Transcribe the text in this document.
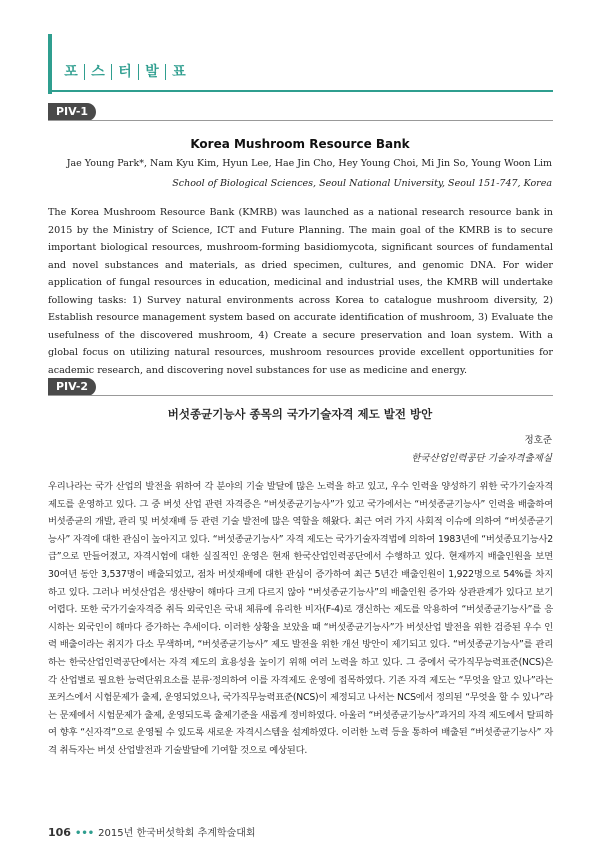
포 스 터 발 표
PIV-1
Korea Mushroom Resource Bank
Jae Young Park*, Nam Kyu Kim, Hyun Lee, Hae Jin Cho, Hey Young Choi, Mi Jin So, Young Woon Lim
School of Biological Sciences, Seoul National University, Seoul 151-747, Korea
The Korea Mushroom Resource Bank (KMRB) was launched as a national research resource bank in 2015 by the Ministry of Science, ICT and Future Planning. The main goal of the KMRB is to secure important biological resources, mushroom-forming basidiomycota, significant sources of fundamental and novel substances and materials, as dried specimen, cultures, and genomic DNA. For wider application of fungal resources in education, medicinal and industrial uses, the KMRB will undertake following tasks: 1) Survey natural environments across Korea to catalogue mushroom diversity, 2) Establish resource management system based on accurate identification of mushroom, 3) Evaluate the usefulness of the discovered mushroom, 4) Create a secure preservation and loan system. With a global focus on utilizing natural resources, mushroom resources provide excellent opportunities for academic research, and discovering novel substances for use as medicine and energy.
PIV-2
버섯종균기능사 종목의 국가기술자격 제도 발전 방안
정호준
한국산업인력공단 기술자격출제실
우리나라는 국가 산업의 발전을 위하여 각 분야의 기술 발달에 많은 노력을 하고 있고, 우수 인력을 양성하기 위한 국가기술자격제도를 운영하고 있다. 그 중 버섯 산업 관련 자격증은 “버섯종균기능사”가 있고 국가에서는 “버섯종균기능사” 인력을 배출하여 버섯종균의 개발, 관리 및 버섯재배 등 관련 기술 발전에 많은 역할을 해왔다. 최근 여러 가지 사회적 이슈에 의하여 “버섯종균기능사” 자격에 대한 관심이 높아지고 있다. “버섯종균기능사” 자격 제도는 국가기술자격법에 의하여 1983년에 “버섯종묘기능사2급”으로 만들어졌고, 자격시험에 대한 실질적인 운영은 현재 한국산업인력공단에서 수행하고 있다. 현재까지 배출인원을 보면 30여년 동안 3,537명이 배출되었고, 점차 버섯재배에 대한 관심이 증가하여 최근 5년간 배출인원이 1,922명으로 54%를 차지하고 있다. 그러나 버섯산업은 생산량이 해마다 크게 다르지 않아 “버섯종균기능사”의 배출인원 증가와 상관관계가 있다고 보기 어렵다. 또한 국가기술자격증 취득 외국인은 국내 체류에 유리한 비자(F-4)로 갱신하는 제도를 악용하여 “버섯종균기능사”를 응시하는 외국인이 해마다 증가하는 추세이다. 이러한 상황을 보았을 때 “버섯종균기능사”가 버섯산업 발전을 위한 검증된 우수 인력 배출이라는 취지가 다소 무색하며, “버섯종균기능사” 제도 발전을 위한 개선 방안이 제기되고 있다. “버섯종균기능사”를 관리하는 한국산업인력공단에서는 자격 제도의 효용성을 높이기 위해 여러 노력을 하고 있다. 그 중에서 국가직무능력표준(NCS)은 각 산업별로 필요한 능력단위요소를 분류·정의하여 이를 자격제도 운영에 접목하였다. 기존 자격 제도는 “무엇을 알고 있나”라는 포커스에서 시험문제가 출제, 운영되었으나, 국가직무능력표준(NCS)이 제정되고 나서는 NCS에서 정의된 “무엇을 할 수 있나”라는 문제에서 시험문제가 출제, 운영되도록 출제기준을 새롭게 정비하였다. 아울러 “버섯종균기능사”과거의 자격 제도에서 탈피하여 향후 “신자격”으로 운영될 수 있도록 새로운 자격시스템을 설계하였다. 이러한 노력 등을 통하여 배출된 “버섯종균기능사” 자격 취득자는 버섯 산업발전과 기술발달에 기여할 것으로 예상된다.
106 ••• 2015년 한국버섯학회 추계학술대회
